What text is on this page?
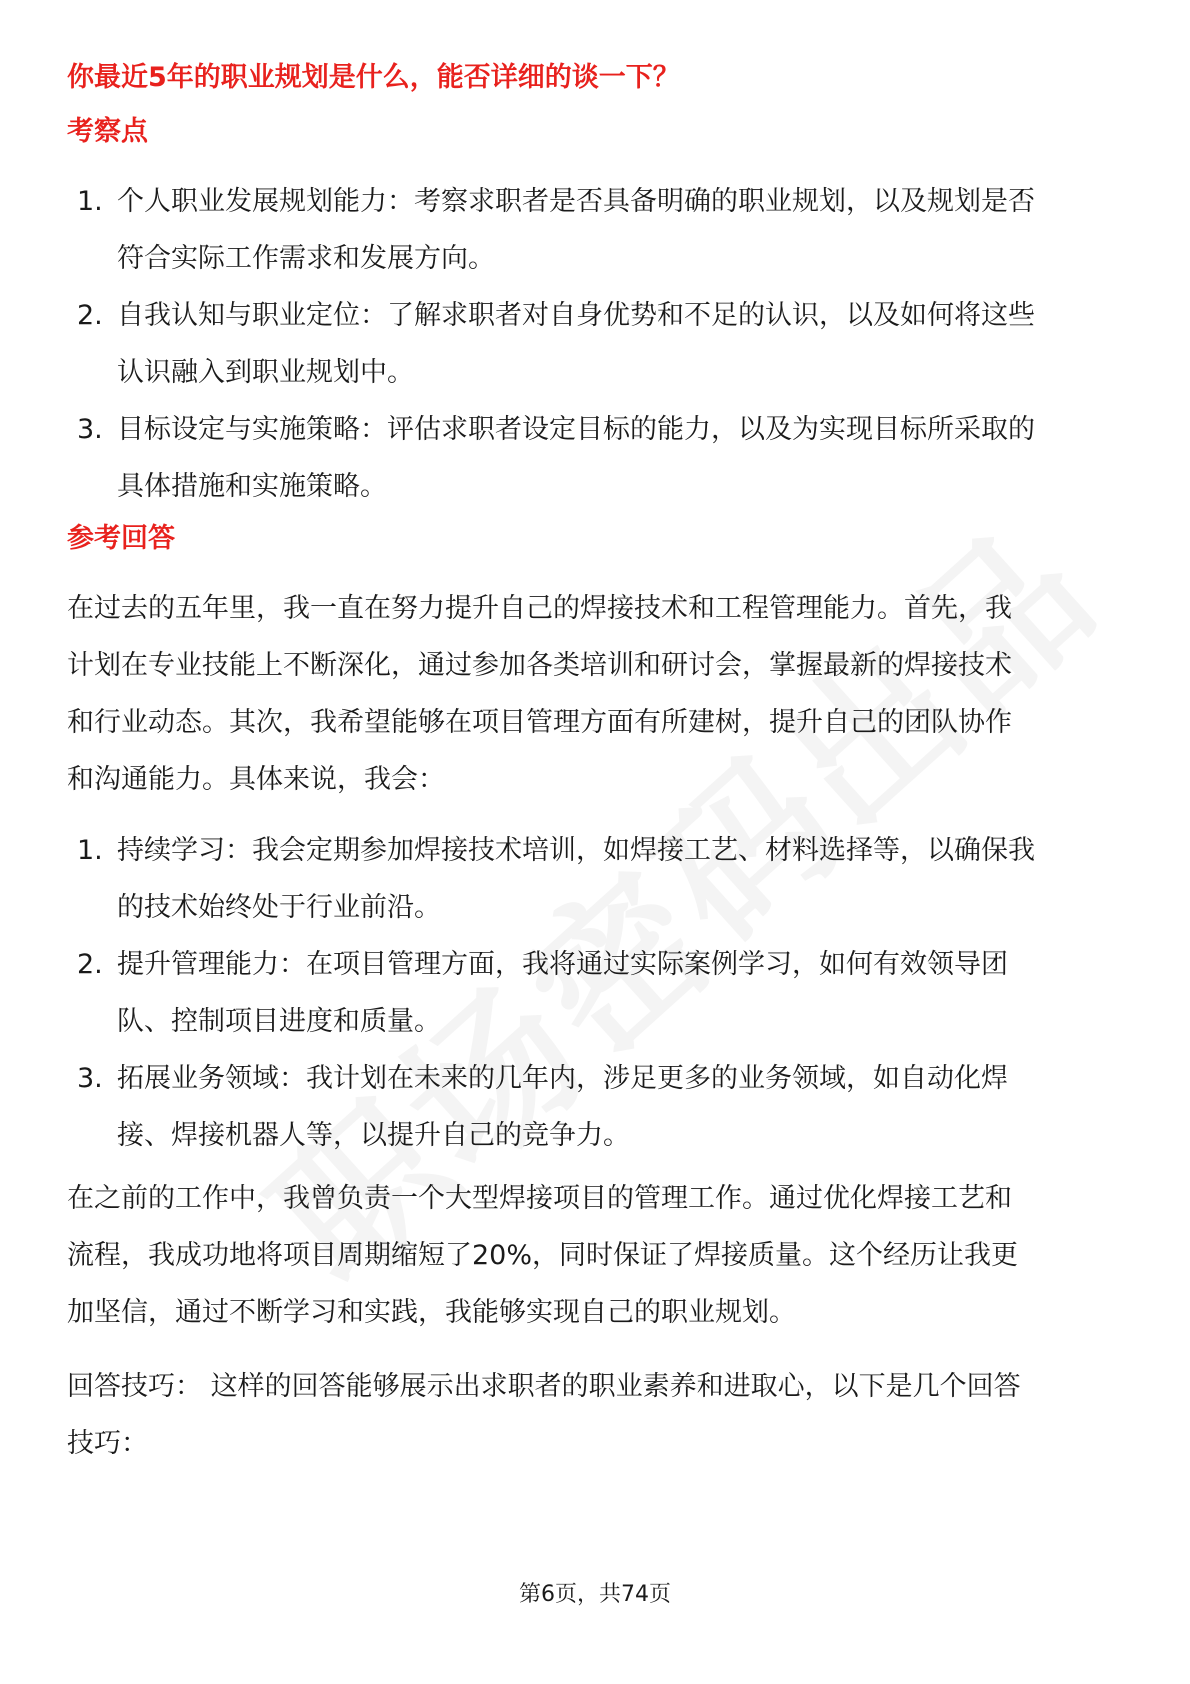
你最近5年的职业规划是什么，能否详细的谈一下？
考察点
1. 个人职业发展规划能力：考察求职者是否具备明确的职业规划，以及规划是否符合实际工作需求和发展方向。
2. 自我认知与职业定位：了解求职者对自身优势和不足的认识，以及如何将这些认识融入到职业规划中。
3. 目标设定与实施策略：评估求职者设定目标的能力，以及为实现目标所采取的具体措施和实施策略。
参考回答

在过去的五年里，我一直在努力提升自己的焊接技术和工程管理能力。首先，我计划在专业技能上不断深化，通过参加各类培训和研讨会，掌握最新的焊接技术和行业动态。其次，我希望能够在项目管理方面有所建树，提升自己的团队协作和沟通能力。具体来说，我会：

1. 持续学习：我会定期参加焊接技术培训，如焊接工艺、材料选择等，以确保我的技术始终处于行业前沿。
2. 提升管理能力：在项目管理方面，我将通过实际案例学习，如何有效领导团队、控制项目进度和质量。
3. 拓展业务领域：我计划在未来的几年内，涉足更多的业务领域，如自动化焊接、焊接机器人等，以提升自己的竞争力。

在之前的工作中，我曾负责一个大型焊接项目的管理工作。通过优化焊接工艺和流程，我成功地将项目周期缩短了20%，同时保证了焊接质量。这个经历让我更加坚信，通过不断学习和实践，我能够实现自己的职业规划。

回答技巧： 这样的回答能够展示出求职者的职业素养和进取心，以下是几个回答技巧：

第6页，共74页
